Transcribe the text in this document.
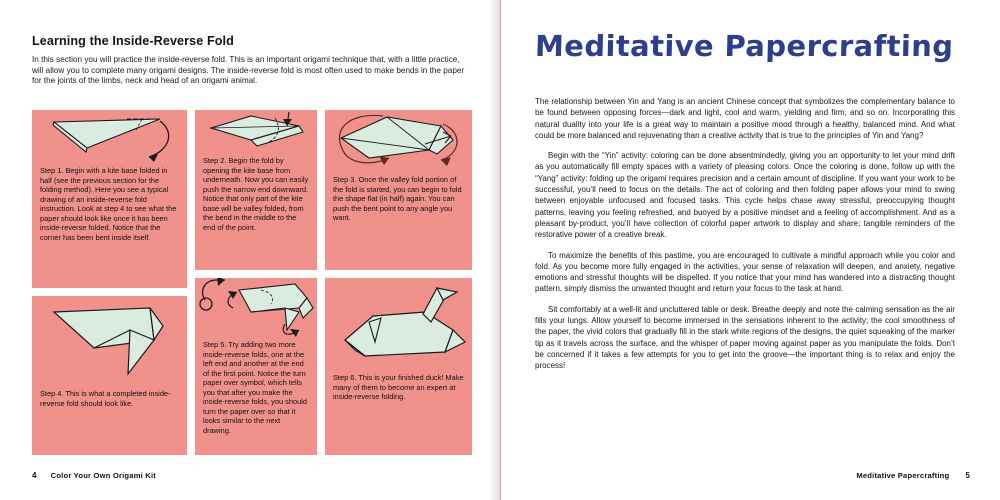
Learning the Inside-Reverse Fold

In this section you will practice the inside-reverse fold. This is an important origami technique that, with a little practice, will allow you to complete many origami designs. The inside-reverse fold is most often used to make bends in the paper for the joints of the limbs, neck and head of an origami animal.

Step 1. Begin with a kite base folded in half (see the previous section for the folding method). Here you see a typical drawing of an inside-reverse fold instruction. Look at step 4 to see what the paper should look like once it has been inside-reverse folded. Notice that the corner has been bent inside itself.
Step 2. Begin the fold by opening the kite base from underneath. Now you can easily push the narrow end downward. Notice that only part of the kite base will be valley folded, from the bend in the middle to the end of the point.
Step 3. Once the valley fold portion of the fold is started, you can begin to fold the shape flat (in half) again. You can push the bent point to any angle you want.
Step 4. This is what a completed inside-reverse fold should look like.
Step 5. Try adding two more inside-reverse folds, one at the left end and another at the end of the first point. Notice the turn paper over symbol, which tells you that after you make the inside-reverse folds, you should turn the paper over so that it looks similar to the next drawing.
Step 6. This is your finished duck! Make many of them to become an expert at inside-reverse folding.
4 Color Your Own Origami Kit
Meditative Papercrafting

The relationship between Yin and Yang is an ancient Chinese concept that symbolizes the complementary balance to be found between opposing forces—dark and light, cool and warm, yielding and firm, and so on. Incorporating this natural duality into your life is a great way to maintain a positive mood through a healthy, balanced mind. And what could be more balanced and rejuvenating than a creative activity that is true to the principles of Yin and Yang?

Begin with the “Yin” activity: coloring can be done absentmindedly, giving you an opportunity to let your mind drift as you automatically fill empty spaces with a variety of pleasing colors. Once the coloring is done, follow up with the “Yang” activity: folding up the origami requires precision and a certain amount of discipline. If you want your work to be successful, you’ll need to focus on the details. The act of coloring and then folding paper allows your mind to swing between enjoyable unfocused and focused tasks. This cycle helps chase away stressful, preoccupying thought patterns, leaving you feeling refreshed, and buoyed by a positive mindset and a feeling of accomplishment. And as a pleasant by-product, you’ll have collection of colorful paper artwork to display and share; tangible reminders of the restorative power of a creative break.

To maximize the benefits of this pastime, you are encouraged to cultivate a mindful approach while you color and fold. As you become more fully engaged in the activities, your sense of relaxation will deepen, and anxiety, negative emotions and stressful thoughts will be dispelled. If you notice that your mind has wandered into a distracting thought pattern, simply dismiss the unwanted thought and return your focus to the task at hand.

Sit comfortably at a well-lit and uncluttered table or desk. Breathe deeply and note the calming sensation as the air fills your lungs. Allow yourself to become immersed in the sensations inherent to the activity; the cool smoothness of the paper, the vivid colors that gradually fill in the stark white regions of the designs, the quiet squeaking of the marker tip as it travels across the surface, and the whisper of paper moving against paper as you manipulate the folds. Don’t be concerned if it takes a few attempts for you to get into the groove—the important thing is to relax and enjoy the process!

Meditative Papercrafting 5
